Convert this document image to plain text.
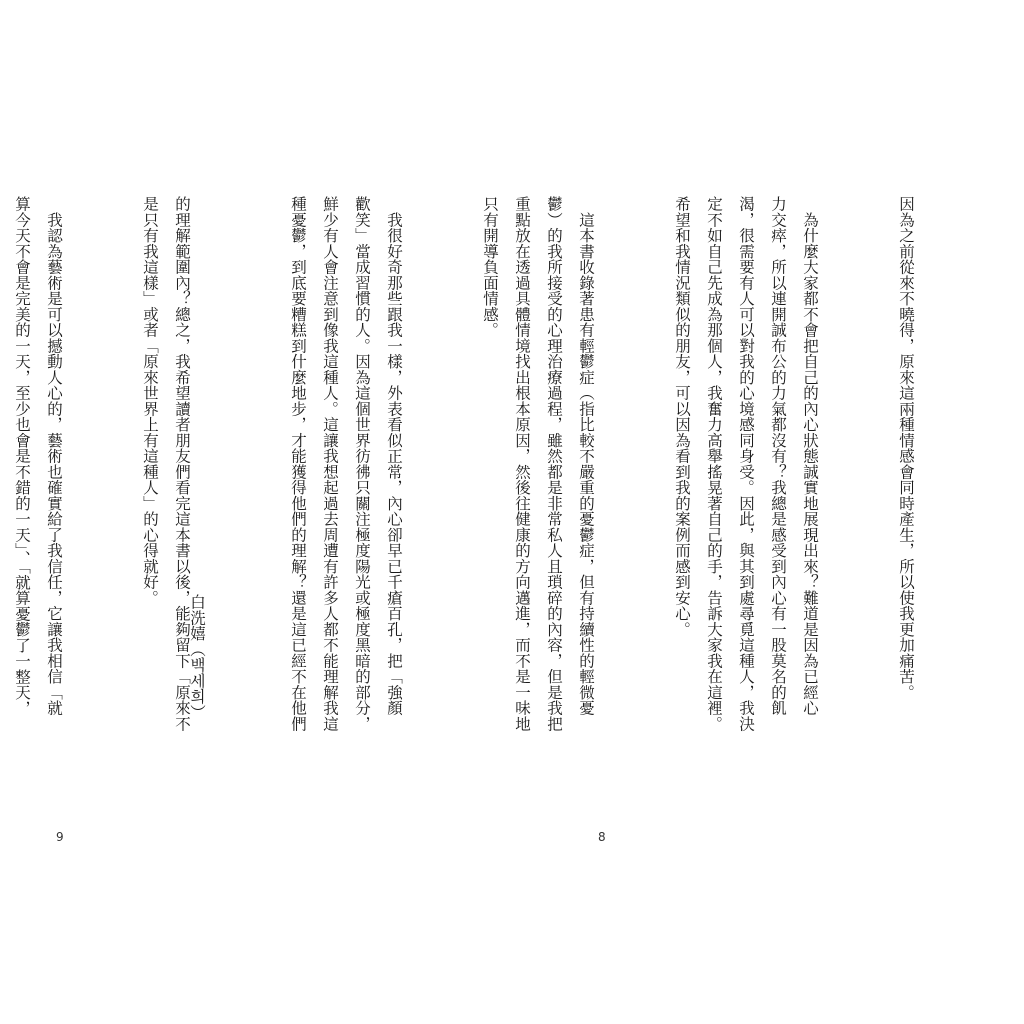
的理解範圍內？總之，我希望讀者朋友們看完這本書以後，能夠留下「原來不
是只有我這樣」或者「原來世界上有這種人」的心得就好。

　我認為藝術是可以撼動人心的，藝術也確實給了我信任，它讓我相信「就
算今天不會是完美的一天，至少也會是不錯的一天」、「就算憂鬱了一整天，

	白洗嬉（백세희）
9

因為之前從來不曉得，原來這兩種情感會同時產生，所以使我更加痛苦。

　為什麼大家都不會把自己的內心狀態誠實地展現出來？難道是因為已經心
力交瘁，所以連開誠布公的力氣都沒有？我總是感受到內心有一股莫名的飢
渴，很需要有人可以對我的心境感同身受。因此，與其到處尋覓這種人，我決
定不如自己先成為那個人，我奮力高舉搖晃著自己的手，告訴大家我在這裡。
希望和我情況類似的朋友，可以因為看到我的案例而感到安心。

　這本書收錄著患有輕鬱症（指比較不嚴重的憂鬱症，但有持續性的輕微憂
鬱）的我所接受的心理治療過程，雖然都是非常私人且瑣碎的內容，但是我把
重點放在透過具體情境找出根本原因，然後往健康的方向邁進，而不是一味地
只有開導負面情感。

　我很好奇那些跟我一樣，外表看似正常，內心卻早已千瘡百孔，把「強顏
歡笑」當成習慣的人。因為這個世界彷彿只關注極度陽光或極度黑暗的部分，
鮮少有人會注意到像我這種人。這讓我想起過去周遭有許多人都不能理解我這
種憂鬱，到底要糟糕到什麼地步，才能獲得他們的理解？還是這已經不在他們

8
